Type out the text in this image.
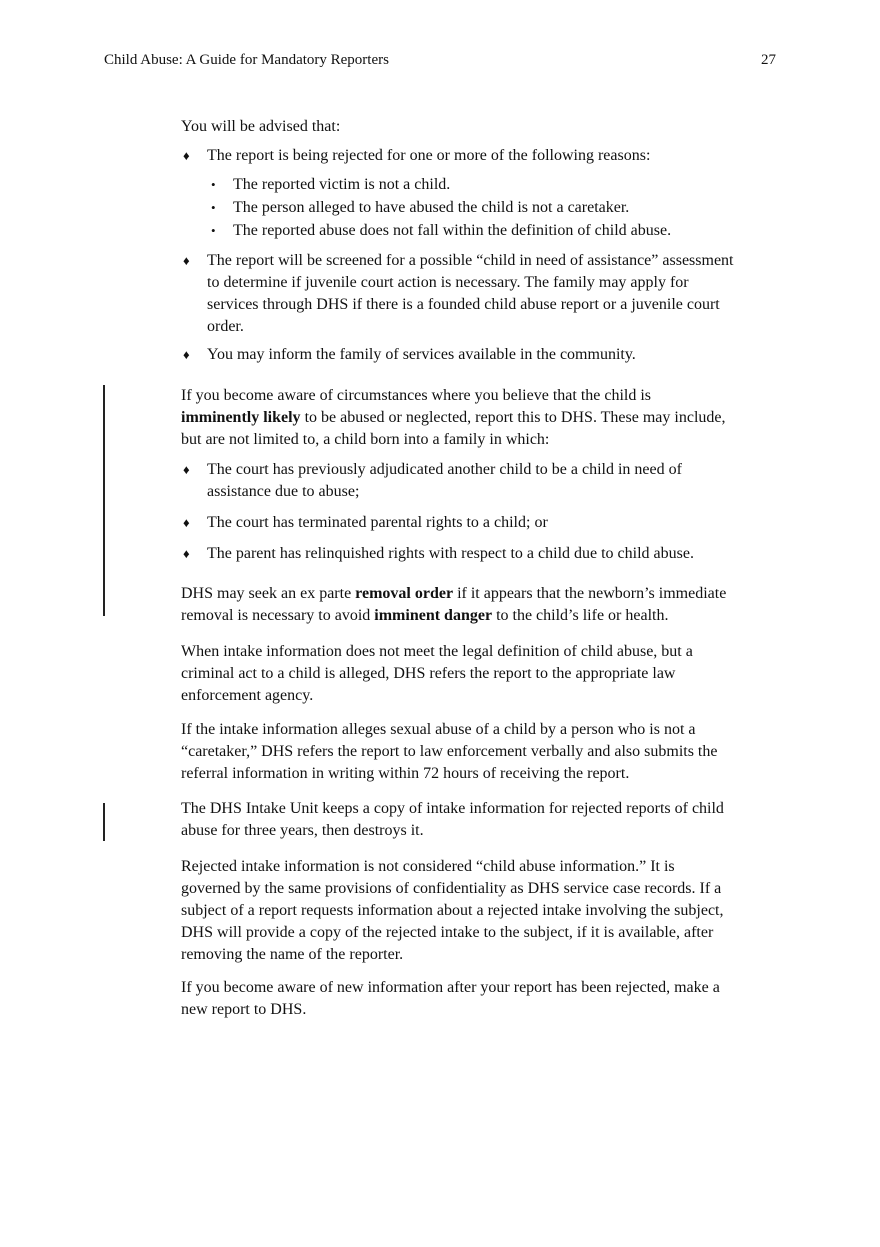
Child Abuse: A Guide for Mandatory Reporters	27
You will be advised that:
♦ The report is being rejected for one or more of the following reasons:
• The reported victim is not a child.
• The person alleged to have abused the child is not a caretaker.
• The reported abuse does not fall within the definition of child abuse.
♦ The report will be screened for a possible “child in need of assistance” assessment
to determine if juvenile court action is necessary. The family may apply for
services through DHS if there is a founded child abuse report or a juvenile court
order.
♦ You may inform the family of services available in the community.
If you become aware of circumstances where you believe that the child is
imminently likely to be abused or neglected, report this to DHS. These may include,
but are not limited to, a child born into a family in which:
♦ The court has previously adjudicated another child to be a child in need of
assistance due to abuse;
♦ The court has terminated parental rights to a child; or
♦ The parent has relinquished rights with respect to a child due to child abuse.
DHS may seek an ex parte removal order if it appears that the newborn’s immediate
removal is necessary to avoid imminent danger to the child’s life or health.
When intake information does not meet the legal definition of child abuse, but a
criminal act to a child is alleged, DHS refers the report to the appropriate law
enforcement agency.
If the intake information alleges sexual abuse of a child by a person who is not a
“caretaker,” DHS refers the report to law enforcement verbally and also submits the
referral information in writing within 72 hours of receiving the report.
The DHS Intake Unit keeps a copy of intake information for rejected reports of child
abuse for three years, then destroys it.
Rejected intake information is not considered “child abuse information.” It is
governed by the same provisions of confidentiality as DHS service case records. If a
subject of a report requests information about a rejected intake involving the subject,
DHS will provide a copy of the rejected intake to the subject, if it is available, after
removing the name of the reporter.
If you become aware of new information after your report has been rejected, make a
new report to DHS.
